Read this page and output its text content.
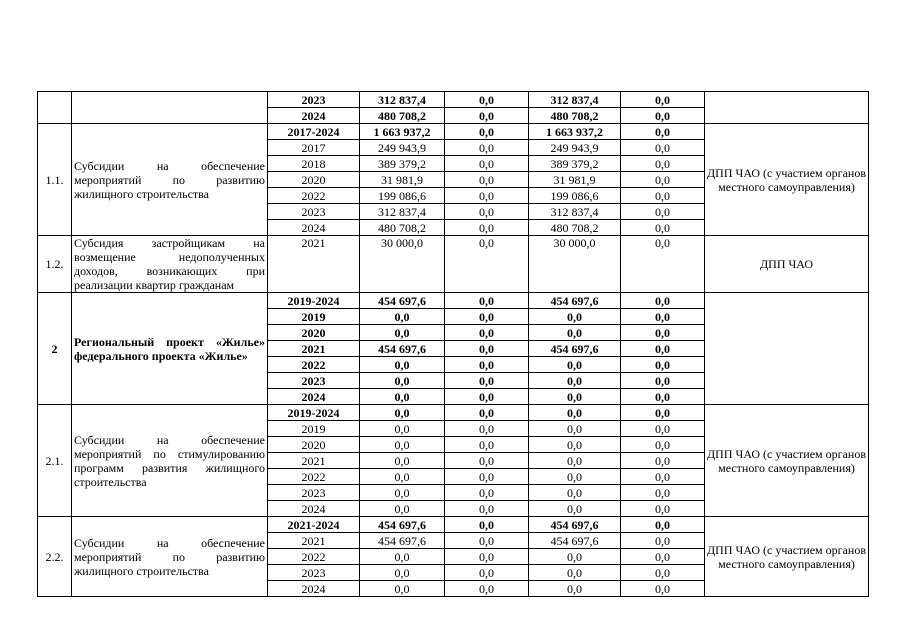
		2023	312 837,4	0,0	312 837,4	0,0	
		2024	480 708,2	0,0	480 708,2	0,0	
1.1.	Субсидии на обеспечение мероприятий по развитию жилищного строительства	2017-2024	1 663 937,2	0,0	1 663 937,2	0,0	ДПП ЧАО (с участием органов местного самоуправления)
		2017	249 943,9	0,0	249 943,9	0,0	
		2018	389 379,2	0,0	389 379,2	0,0	
		2020	31 981,9	0,0	31 981,9	0,0	
		2022	199 086,6	0,0	199 086,6	0,0	
		2023	312 837,4	0,0	312 837,4	0,0	
		2024	480 708,2	0,0	480 708,2	0,0	
1.2.	Субсидия застройщикам на возмещение недополученных доходов, возникающих при реализации квартир гражданам	2021	30 000,0	0,0	30 000,0	0,0	ДПП ЧАО
2	Региональный проект «Жилье» федерального проекта «Жилье»	2019-2024	454 697,6	0,0	454 697,6	0,0	
		2019	0,0	0,0	0,0	0,0	
		2020	0,0	0,0	0,0	0,0	
		2021	454 697,6	0,0	454 697,6	0,0	
		2022	0,0	0,0	0,0	0,0	
		2023	0,0	0,0	0,0	0,0	
		2024	0,0	0,0	0,0	0,0	
2.1.	Субсидии на обеспечение мероприятий по стимулированию программ развития жилищного строительства	2019-2024	0,0	0,0	0,0	0,0	ДПП ЧАО (с участием органов местного самоуправления)
		2019	0,0	0,0	0,0	0,0	
		2020	0,0	0,0	0,0	0,0	
		2021	0,0	0,0	0,0	0,0	
		2022	0,0	0,0	0,0	0,0	
		2023	0,0	0,0	0,0	0,0	
		2024	0,0	0,0	0,0	0,0	
2.2.	Субсидии на обеспечение мероприятий по развитию жилищного строительства	2021-2024	454 697,6	0,0	454 697,6	0,0	ДПП ЧАО (с участием органов местного самоуправления)
		2021	454 697,6	0,0	454 697,6	0,0	
		2022	0,0	0,0	0,0	0,0	
		2023	0,0	0,0	0,0	0,0	
		2024	0,0	0,0	0,0	0,0	
